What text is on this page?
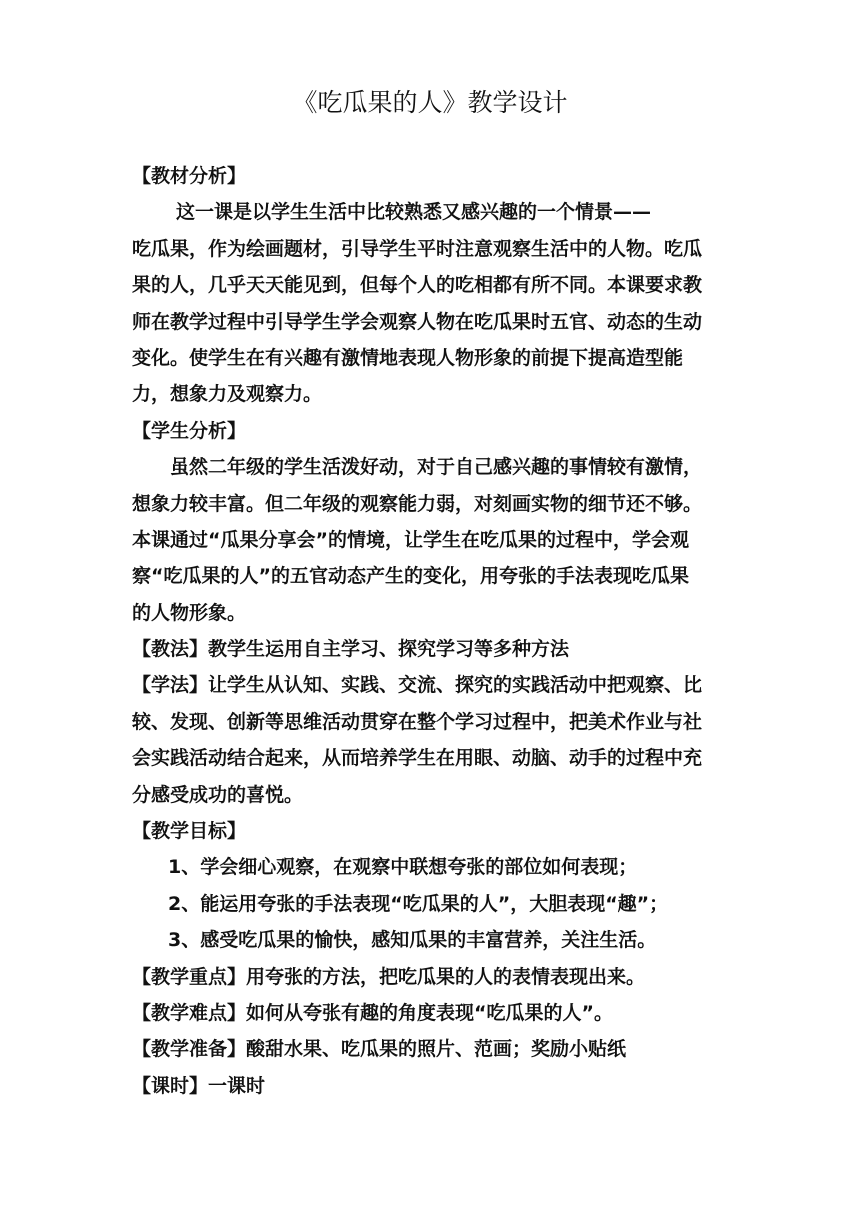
《吃瓜果的人》教学设计
【教材分析】
这一课是以学生生活中比较熟悉又感兴趣的一个情景——
吃瓜果，作为绘画题材，引导学生平时注意观察生活中的人物。吃瓜
果的人，几乎天天能见到，但每个人的吃相都有所不同。本课要求教
师在教学过程中引导学生学会观察人物在吃瓜果时五官、动态的生动
变化。使学生在有兴趣有激情地表现人物形象的前提下提高造型能
力，想象力及观察力。
【学生分析】
虽然二年级的学生活泼好动，对于自己感兴趣的事情较有激情，
想象力较丰富。但二年级的观察能力弱，对刻画实物的细节还不够。
本课通过“瓜果分享会”的情境，让学生在吃瓜果的过程中，学会观
察“吃瓜果的人”的五官动态产生的变化，用夸张的手法表现吃瓜果
的人物形象。
【教法】教学生运用自主学习、探究学习等多种方法
【学法】让学生从认知、实践、交流、探究的实践活动中把观察、比
较、发现、创新等思维活动贯穿在整个学习过程中，把美术作业与社
会实践活动结合起来，从而培养学生在用眼、动脑、动手的过程中充
分感受成功的喜悦。
【教学目标】
1、学会细心观察，在观察中联想夸张的部位如何表现；
2、能运用夸张的手法表现“吃瓜果的人”，大胆表现“趣”；
3、感受吃瓜果的愉快，感知瓜果的丰富营养，关注生活。
【教学重点】用夸张的方法，把吃瓜果的人的表情表现出来。
【教学难点】如何从夸张有趣的角度表现“吃瓜果的人”。
【教学准备】酸甜水果、吃瓜果的照片、范画；奖励小贴纸
【课时】一课时
